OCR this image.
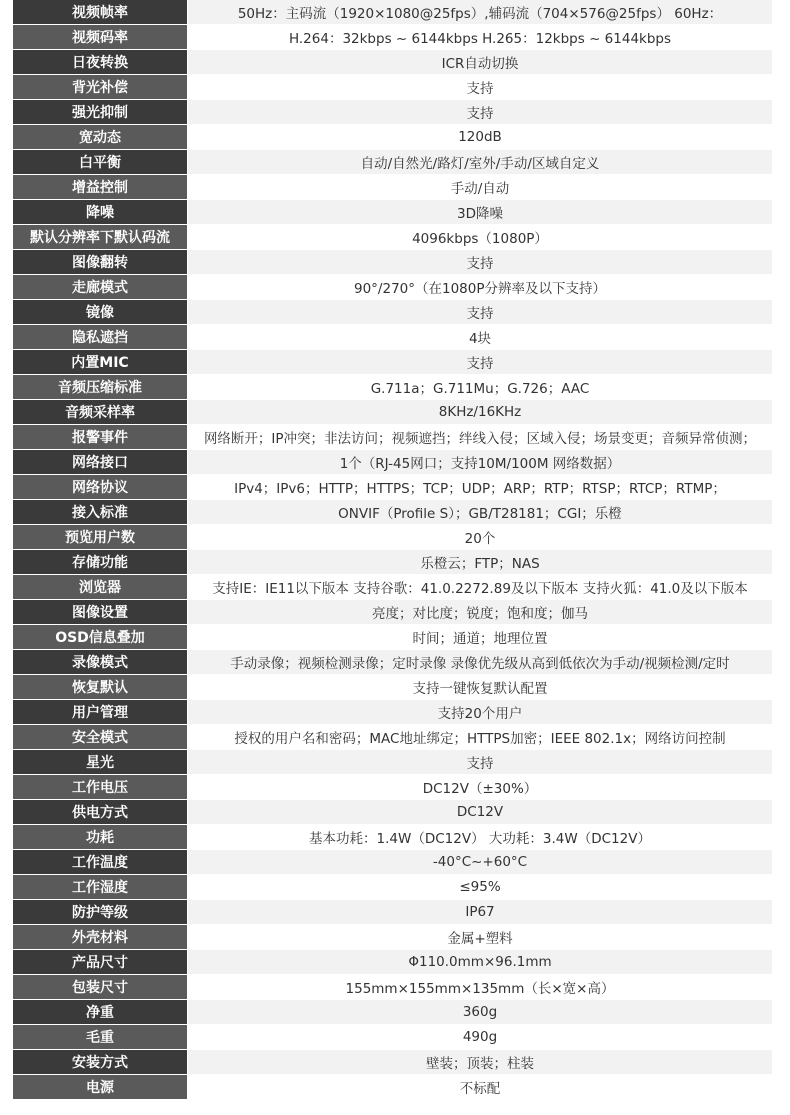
视频帧率	50Hz：主码流（1920×1080@25fps）,辅码流（704×576@25fps） 60Hz：
视频码率	H.264：32kbps ~ 6144kbps H.265：12kbps ~ 6144kbps
日夜转换	ICR自动切换
背光补偿	支持
强光抑制	支持
宽动态	120dB
白平衡	自动/自然光/路灯/室外/手动/区域自定义
增益控制	手动/自动
降噪	3D降噪
默认分辨率下默认码流	4096kbps（1080P）
图像翻转	支持
走廊模式	90°/270°（在1080P分辨率及以下支持）
镜像	支持
隐私遮挡	4块
内置MIC	支持
音频压缩标准	G.711a；G.711Mu；G.726；AAC
音频采样率	8KHz/16KHz
报警事件	网络断开；IP冲突；非法访问；视频遮挡；绊线入侵；区域入侵；场景变更；音频异常侦测；
网络接口	1个（RJ-45网口；支持10M/100M 网络数据）
网络协议	IPv4；IPv6；HTTP；HTTPS；TCP；UDP；ARP；RTP；RTSP；RTCP；RTMP；
接入标准	ONVIF（Profile S）；GB/T28181；CGI；乐橙
预览用户数	20个
存储功能	乐橙云；FTP；NAS
浏览器	支持IE：IE11以下版本 支持谷歌：41.0.2272.89及以下版本 支持火狐：41.0及以下版本
图像设置	亮度；对比度；锐度；饱和度；伽马
OSD信息叠加	时间；通道；地理位置
录像模式	手动录像；视频检测录像；定时录像 录像优先级从高到低依次为手动/视频检测/定时
恢复默认	支持一键恢复默认配置
用户管理	支持20个用户
安全模式	授权的用户名和密码；MAC地址绑定；HTTPS加密；IEEE 802.1x；网络访问控制
星光	支持
工作电压	DC12V（±30%）
供电方式	DC12V
功耗	基本功耗：1.4W（DC12V） 大功耗：3.4W（DC12V）
工作温度	-40°C~+60°C
工作湿度	≤95%
防护等级	IP67
外壳材料	金属+塑料
产品尺寸	Φ110.0mm×96.1mm
包装尺寸	155mm×155mm×135mm（长×宽×高）
净重	360g
毛重	490g
安装方式	壁装；顶装；柱装
电源	不标配
